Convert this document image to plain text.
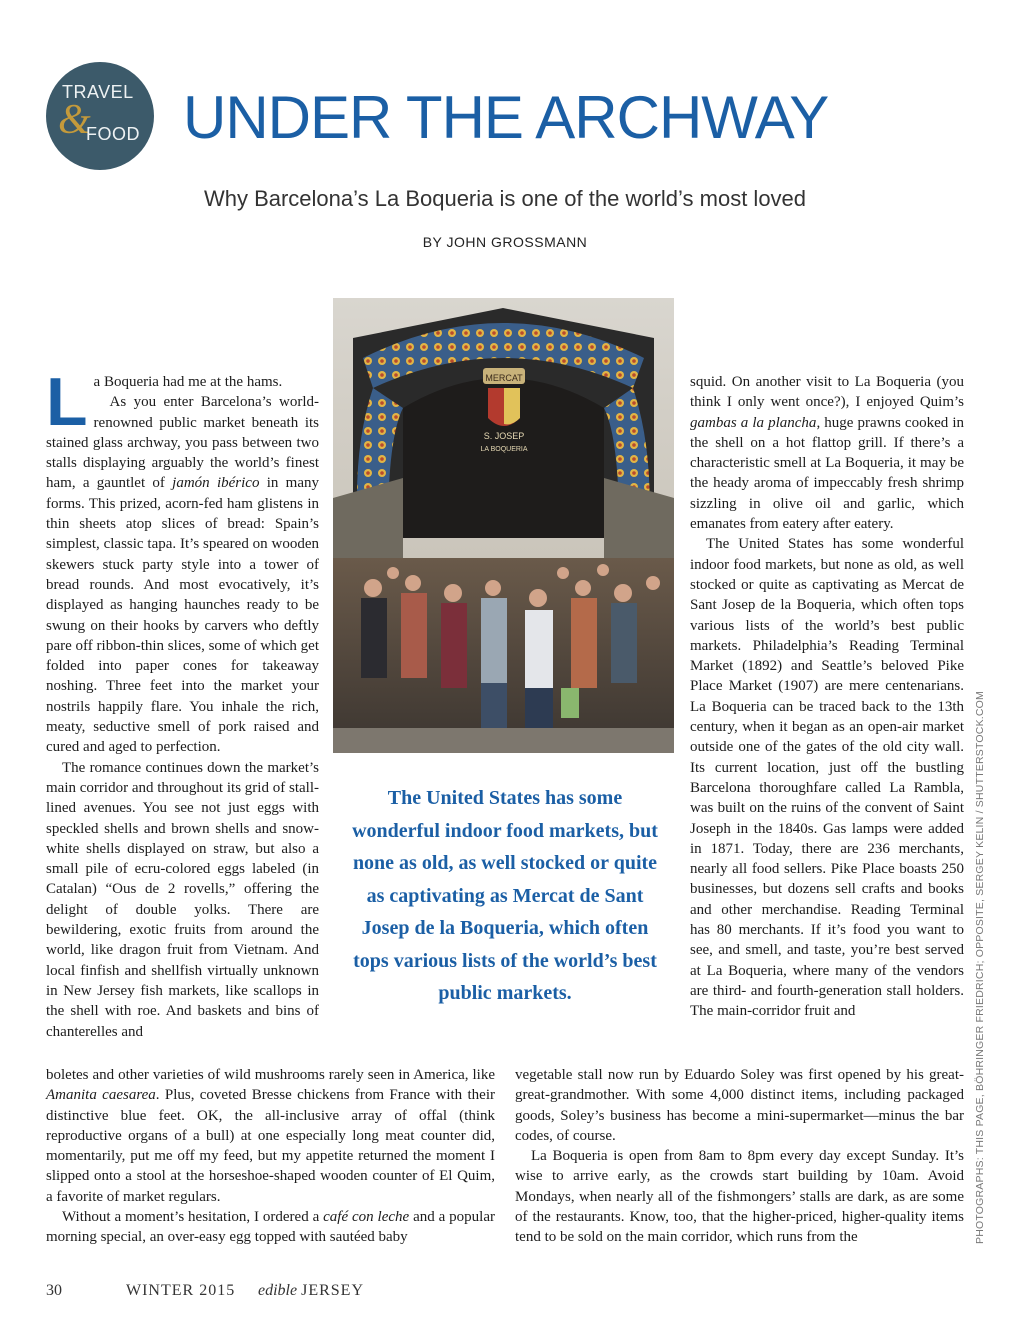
TRAVEL
&
FOOD UNDER THE ARCHWAY
Why Barcelona’s La Boqueria is one of the world’s most loved
BY JOHN GROSSMANN

La Boqueria had me at the hams.

As you enter Barcelona’s world-renowned public market beneath its stained glass archway, you pass between two stalls displaying arguably the world’s finest ham, a gauntlet of jamón ibérico in many forms. This prized, acorn-fed ham glistens in thin sheets atop slices of bread: Spain’s simplest, classic tapa. It’s speared on wooden skewers stuck party style into a tower of bread rounds. And most evocatively, it’s displayed as hanging haunches ready to be swung on their hooks by carvers who deftly pare off ribbon-thin slices, some of which get folded into paper cones for takeaway noshing. Three feet into the market your nostrils happily flare. You inhale the rich, meaty, seductive smell of pork raised and cured and aged to perfection.

The romance continues down the market’s main corridor and throughout its grid of stall-lined avenues. You see not just eggs with speckled shells and brown shells and snow-white shells displayed on straw, but also a small pile of ecru-colored eggs labeled (in Catalan) “Ous de 2 rovells,” offering the delight of double yolks. There are bewildering, exotic fruits from around the world, like dragon fruit from Vietnam. And local finfish and shellfish virtually unknown in New Jersey fish markets, like scallops in the shell with roe. And baskets and bins of chanterelles and

S. JOSEP
MERCAT
LA BOQUERIA
The United States has some wonderful indoor food markets, but none as old, as well stocked or quite as captivating as Mercat de Sant Josep de la Boqueria, which often tops various lists of the world’s best public markets.

squid. On another visit to La Boqueria (you think I only went once?), I enjoyed Quim’s gambas a la plancha, huge prawns cooked in the shell on a hot flattop grill. If there’s a characteristic smell at La Boqueria, it may be the heady aroma of impeccably fresh shrimp sizzling in olive oil and garlic, which emanates from eatery after eatery.

The United States has some wonderful indoor food markets, but none as old, as well stocked or quite as captivating as Mercat de Sant Josep de la Boqueria, which often tops various lists of the world’s best public markets. Philadelphia’s Reading Terminal Market (1892) and Seattle’s beloved Pike Place Market (1907) are mere centenarians. La Boqueria can be traced back to the 13th century, when it began as an open-air market outside one of the gates of the old city wall. Its current location, just off the bustling Barcelona thoroughfare called La Rambla, was built on the ruins of the convent of Saint Joseph in the 1840s. Gas lamps were added in 1871. Today, there are 236 merchants, nearly all food sellers. Pike Place boasts 250 businesses, but dozens sell crafts and books and other merchandise. Reading Terminal has 80 merchants. If it’s food you want to see, and smell, and taste, you’re best served at La Boqueria, where many of the vendors are third- and fourth-generation stall holders. The main-corridor fruit and

boletes and other varieties of wild mushrooms rarely seen in America, like Amanita caesarea. Plus, coveted Bresse chickens from France with their distinctive blue feet. OK, the all-inclusive array of offal (think reproductive organs of a bull) at one especially long meat counter did, momentarily, put me off my feed, but my appetite returned the moment I slipped onto a stool at the horseshoe-shaped wooden counter of El Quim, a favorite of market regulars.

Without a moment’s hesitation, I ordered a café con leche and a popular morning special, an over-easy egg topped with sautéed baby

vegetable stall now run by Eduardo Soley was first opened by his great-great-grandmother. With some 4,000 distinct items, including packaged goods, Soley’s business has become a mini-supermarket—minus the bar codes, of course.

La Boqueria is open from 8am to 8pm every day except Sunday. It’s wise to arrive early, as the crowds start building by 10am. Avoid Mondays, when nearly all of the fishmongers’ stalls are dark, as are some of the restaurants. Know, too, that the higher-priced, higher-quality items tend to be sold on the main corridor, which runs from the	PHOTOGRAPHS: THIS PAGE, BÖHRINGER FRIEDRICH; OPPOSITE, SERGEY KELIN / SHUTTERSTOCK.COM
30	WINTER 2015 edible JERSEY
